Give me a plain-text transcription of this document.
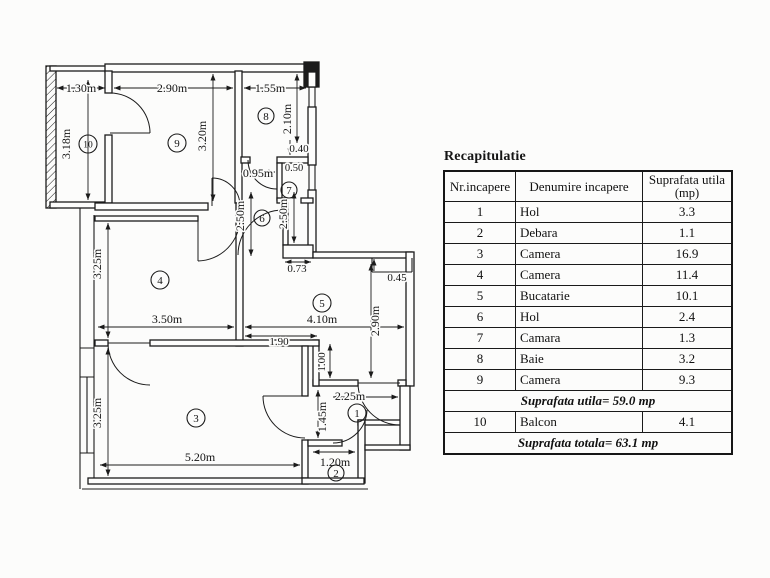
1.30m	2.90m	1.55m
3.18m	3.20m
2.10m
0.40
0.95m 0.50
2.50m 2.50m
0.73
0.45
3.25m
3.50m	4.10m
1.90
2.90m
1.00
2.25m
1.45m
3.25m
5.20m	1.20m
10	9
8
7
6
4
5
3	1
2
Recapitulatie
Nr.incapere	Denumire incapere	Suprafata utila
(mp)

1	Hol	3.3
2	Debara	1.1
3	Camera	16.9
4	Camera	11.4
5	Bucatarie	10.1
6	Hol	2.4
7	Camara	1.3
8	Baie	3.2
9	Camera	9.3
Suprafata utila= 59.0 mp		
10	Balcon	4.1
Suprafata totala= 63.1 mp		
